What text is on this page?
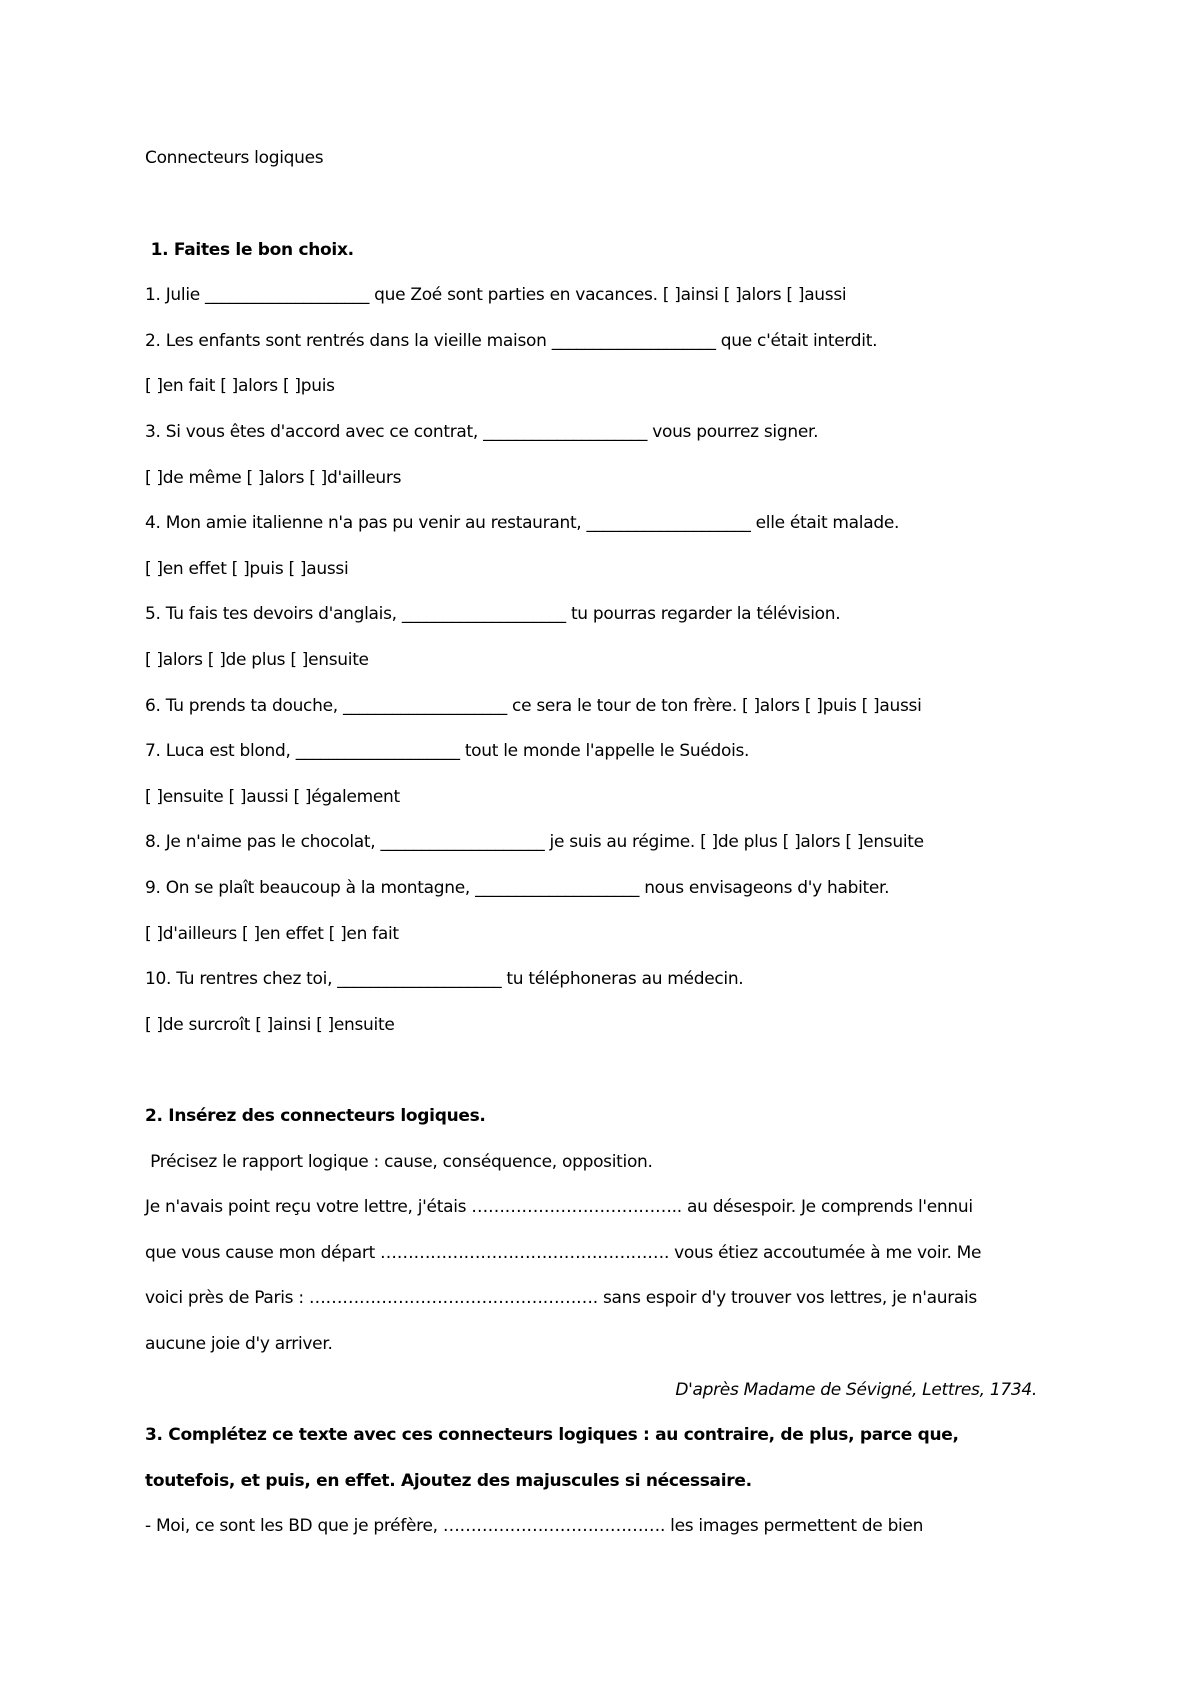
Connecteurs logiques
1. Faites le bon choix.
1. Julie ____________________ que Zoé sont parties en vacances. [ ]ainsi [ ]alors [ ]aussi
2. Les enfants sont rentrés dans la vieille maison ____________________ que c'était interdit.
[ ]en fait [ ]alors [ ]puis
3. Si vous êtes d'accord avec ce contrat, ____________________ vous pourrez signer.
[ ]de même [ ]alors [ ]d'ailleurs
4. Mon amie italienne n'a pas pu venir au restaurant, ____________________ elle était malade.
[ ]en effet [ ]puis [ ]aussi
5. Tu fais tes devoirs d'anglais, ____________________ tu pourras regarder la télévision.
[ ]alors [ ]de plus [ ]ensuite
6. Tu prends ta douche, ____________________ ce sera le tour de ton frère. [ ]alors [ ]puis [ ]aussi
7. Luca est blond, ____________________ tout le monde l'appelle le Suédois.
[ ]ensuite [ ]aussi [ ]également
8. Je n'aime pas le chocolat, ____________________ je suis au régime. [ ]de plus [ ]alors [ ]ensuite
9. On se plaît beaucoup à la montagne, ____________________ nous envisageons d'y habiter.
[ ]d'ailleurs [ ]en effet [ ]en fait
10. Tu rentres chez toi, ____________________ tu téléphoneras au médecin.
[ ]de surcroît [ ]ainsi [ ]ensuite
2. Insérez des connecteurs logiques.
Précisez le rapport logique : cause, conséquence, opposition.
Je n'avais point reçu votre lettre, j'étais ……………………………….. au désespoir. Je comprends l'ennui
que vous cause mon départ ……………………………………………. vous étiez accoutumée à me voir. Me
voici près de Paris : ……………………………………………. sans espoir d'y trouver vos lettres, je n'aurais
aucune joie d'y arriver.
D'après Madame de Sévigné, Lettres, 1734.
3. Complétez ce texte avec ces connecteurs logiques : au contraire, de plus, parce que,
toutefois, et puis, en effet. Ajoutez des majuscules si nécessaire.
- Moi, ce sont les BD que je préfère, …………………………………. les images permettent de bien
